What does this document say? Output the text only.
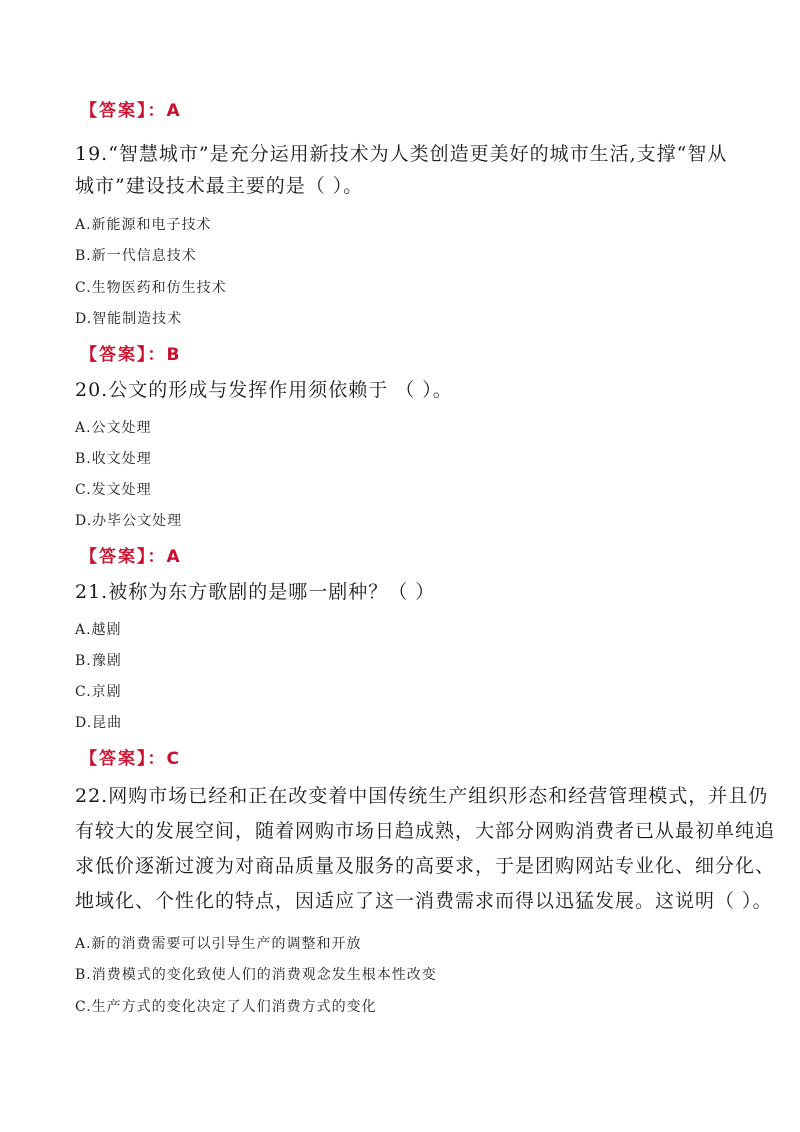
【答案】：A
19.“智慧城市”是充分运用新技术为人类创造更美好的城市生活,支撑“智从
城市”建设技术最主要的是（ ）。
A.新能源和电子技术
B.新一代信息技术
C.生物医药和仿生技术
D.智能制造技术
【答案】：B
20.公文的形成与发挥作用须依赖于 （ ）。
A.公文处理
B.收文处理
C.发文处理
D.办毕公文处理
【答案】：A
21.被称为东方歌剧的是哪一剧种？（ ）
A.越剧
B.豫剧
C.京剧
D.昆曲
【答案】：C
22.网购市场已经和正在改变着中国传统生产组织形态和经营管理模式，并且仍
有较大的发展空间，随着网购市场日趋成熟，大部分网购消费者已从最初单纯追
求低价逐渐过渡为对商品质量及服务的高要求，于是团购网站专业化、细分化、
地域化、个性化的特点，因适应了这一消费需求而得以迅猛发展。这说明（ ）。
A.新的消费需要可以引导生产的调整和开放
B.消费模式的变化致使人们的消费观念发生根本性改变
C.生产方式的变化决定了人们消费方式的变化
